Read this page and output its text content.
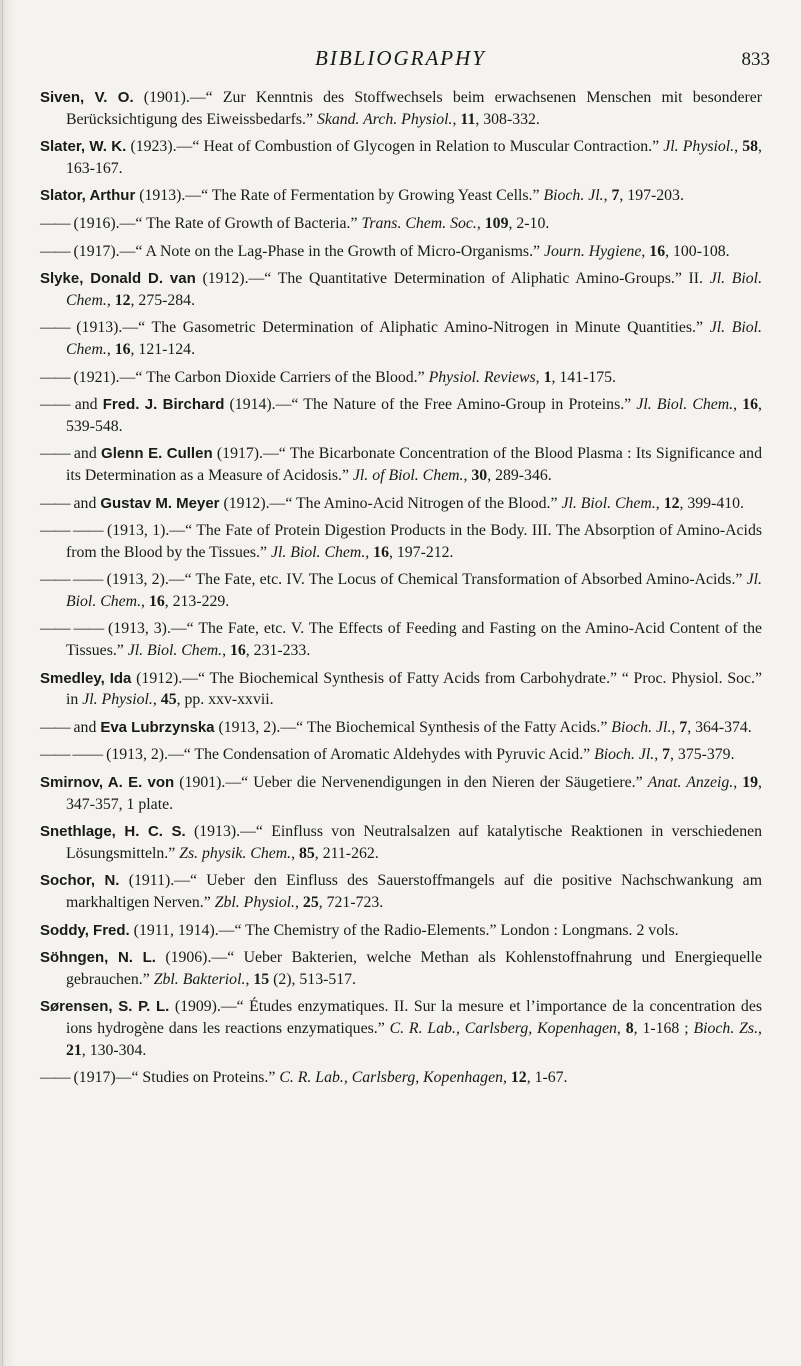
BIBLIOGRAPHY	833

Siven, V. O. (1901).—“ Zur Kenntnis des Stoffwechsels beim erwachsenen Menschen mit besonderer Berücksichtigung des Eiweissbedarfs.” Skand. Arch. Physiol., 11, 308-332.

Slater, W. K. (1923).—“ Heat of Combustion of Glycogen in Relation to Muscular Contraction.” Jl. Physiol., 58, 163-167.

Slator, Arthur (1913).—“ The Rate of Fermentation by Growing Yeast Cells.” Bioch. Jl., 7, 197-203.

—— (1916).—“ The Rate of Growth of Bacteria.” Trans. Chem. Soc., 109, 2-10.

—— (1917).—“ A Note on the Lag-Phase in the Growth of Micro-Organisms.” Journ. Hygiene, 16, 100-108.

Slyke, Donald D. van (1912).—“ The Quantitative Determination of Aliphatic Amino-Groups.” II. Jl. Biol. Chem., 12, 275-284.

—— (1913).—“ The Gasometric Determination of Aliphatic Amino-Nitrogen in Minute Quantities.” Jl. Biol. Chem., 16, 121-124.

—— (1921).—“ The Carbon Dioxide Carriers of the Blood.” Physiol. Reviews, 1, 141-175.

—— and Fred. J. Birchard (1914).—“ The Nature of the Free Amino-Group in Proteins.” Jl. Biol. Chem., 16, 539-548.

—— and Glenn E. Cullen (1917).—“ The Bicarbonate Concentration of the Blood Plasma : Its Significance and its Determination as a Measure of Acidosis.” Jl. of Biol. Chem., 30, 289-346.

—— and Gustav M. Meyer (1912).—“ The Amino-Acid Nitrogen of the Blood.” Jl. Biol. Chem., 12, 399-410.

—— —— (1913, 1).—“ The Fate of Protein Digestion Products in the Body. III. The Absorption of Amino-Acids from the Blood by the Tissues.” Jl. Biol. Chem., 16, 197-212.

—— —— (1913, 2).—“ The Fate, etc. IV. The Locus of Chemical Transformation of Absorbed Amino-Acids.” Jl. Biol. Chem., 16, 213-229.

—— —— (1913, 3).—“ The Fate, etc. V. The Effects of Feeding and Fasting on the Amino-Acid Content of the Tissues.” Jl. Biol. Chem., 16, 231-233.

Smedley, Ida (1912).—“ The Biochemical Synthesis of Fatty Acids from Carbohydrate.” “ Proc. Physiol. Soc.” in Jl. Physiol., 45, pp. xxv-xxvii.

—— and Eva Lubrzynska (1913, 2).—“ The Biochemical Synthesis of the Fatty Acids.” Bioch. Jl., 7, 364-374.

—— —— (1913, 2).—“ The Condensation of Aromatic Aldehydes with Pyruvic Acid.” Bioch. Jl., 7, 375-379.

Smirnov, A. E. von (1901).—“ Ueber die Nervenendigungen in den Nieren der Säugetiere.” Anat. Anzeig., 19, 347-357, 1 plate.

Snethlage, H. C. S. (1913).—“ Einfluss von Neutralsalzen auf katalytische Reaktionen in verschiedenen Lösungsmitteln.” Zs. physik. Chem., 85, 211-262.

Sochor, N. (1911).—“ Ueber den Einfluss des Sauerstoffmangels auf die positive Nachschwankung am markhaltigen Nerven.” Zbl. Physiol., 25, 721-723.

Soddy, Fred. (1911, 1914).—“ The Chemistry of the Radio-Elements.” London : Longmans. 2 vols.

Söhngen, N. L. (1906).—“ Ueber Bakterien, welche Methan als Kohlenstoffnahrung und Energiequelle gebrauchen.” Zbl. Bakteriol., 15 (2), 513-517.

Sørensen, S. P. L. (1909).—“ Études enzymatiques. II. Sur la mesure et l’importance de la concentration des ions hydrogène dans les reactions enzymatiques.” C. R. Lab., Carlsberg, Kopenhagen, 8, 1-168 ; Bioch. Zs., 21, 130-304.

—— (1917)—“ Studies on Proteins.” C. R. Lab., Carlsberg, Kopenhagen, 12, 1-67.
